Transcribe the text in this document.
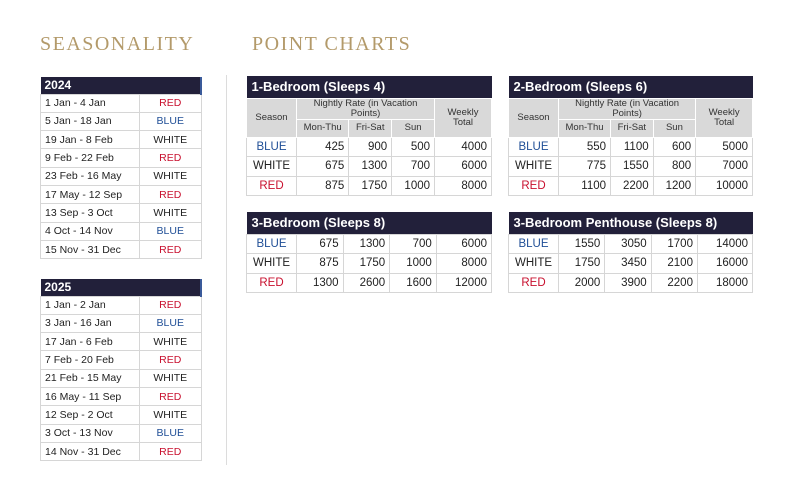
SEASONALITY	POINT CHARTS
2024	
1 Jan - 4 Jan	RED
5 Jan - 18 Jan	BLUE
19 Jan - 8 Feb	WHITE
9 Feb - 22 Feb	RED
23 Feb - 16 May	WHITE
17 May - 12 Sep	RED
13 Sep - 3 Oct	WHITE
4 Oct - 14 Nov	BLUE
15 Nov - 31 Dec	RED
2025	
1 Jan - 2 Jan	RED
3 Jan - 16 Jan	BLUE
17 Jan - 6 Feb	WHITE
7 Feb - 20 Feb	RED
21 Feb - 15 May	WHITE
16 May - 11 Sep	RED
12 Sep - 2 Oct	WHITE
3 Oct - 13 Nov	BLUE
14 Nov - 31 Dec	RED
1-Bedroom (Sleeps 4)				
Season	Nightly Rate (in Vacation Points)			Weekly Total
	Mon-Thu	Fri-Sat	Sun	
BLUE	425	900	500	4000
WHITE	675	1300	700	6000
RED	875	1750	1000	8000
2-Bedroom (Sleeps 6)				
Season	Nightly Rate (in Vacation Points)			Weekly Total
	Mon-Thu	Fri-Sat	Sun	
BLUE	550	1100	600	5000
WHITE	775	1550	800	7000
RED	1100	2200	1200	10000
3-Bedroom (Sleeps 8)				
BLUE	675	1300	700	6000
WHITE	875	1750	1000	8000
RED	1300	2600	1600	12000
3-Bedroom Penthouse (Sleeps 8)				
BLUE	1550	3050	1700	14000
WHITE	1750	3450	2100	16000
RED	2000	3900	2200	18000
